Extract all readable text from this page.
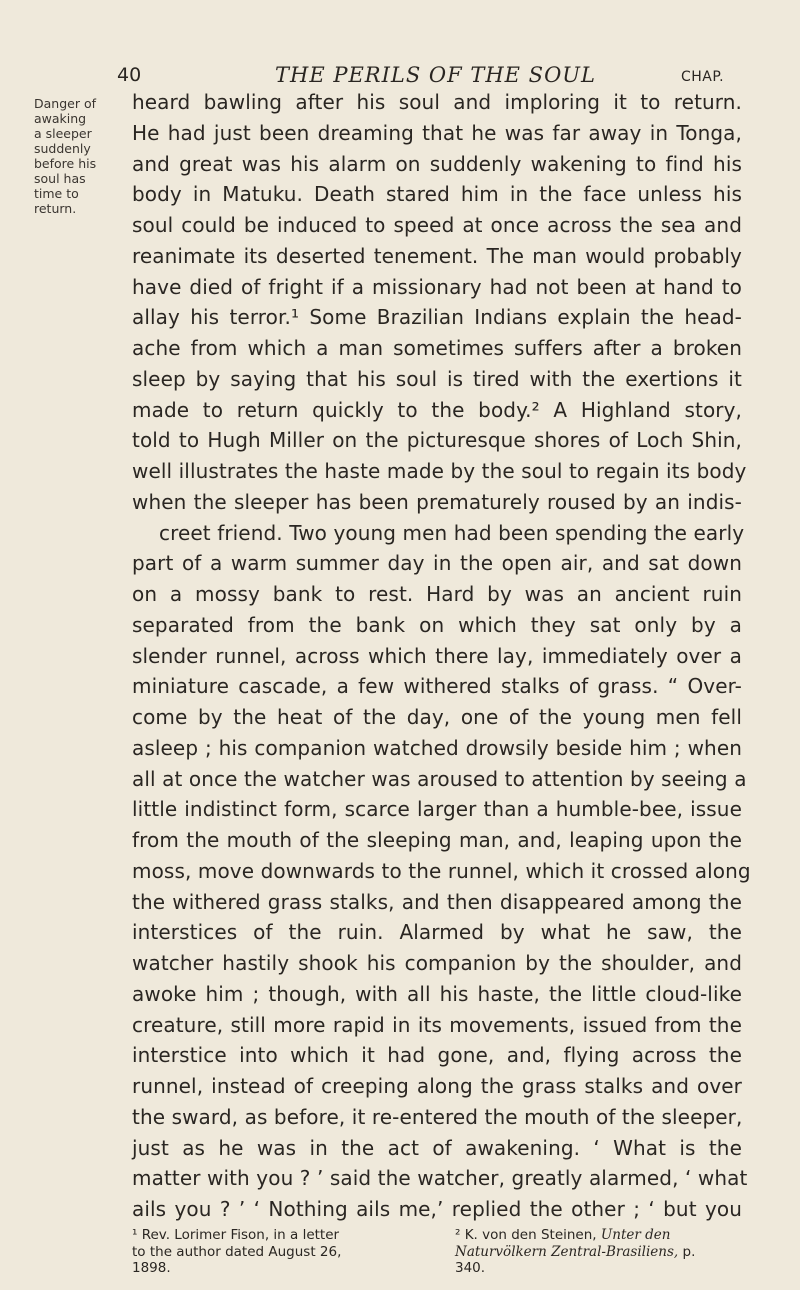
40	THE PERILS OF THE SOUL	CHAP.
Danger of
awaking
a sleeper
suddenly
before his
soul has
time to
return.
heard bawling after his soul and imploring it to return.
He had just been dreaming that he was far away in Tonga,
and great was his alarm on suddenly wakening to find his
body in Matuku. Death stared him in the face unless his
soul could be induced to speed at once across the sea and
reanimate its deserted tenement. The man would probably
have died of fright if a missionary had not been at hand to
allay his terror.¹ Some Brazilian Indians explain the head-
ache from which a man sometimes suffers after a broken
sleep by saying that his soul is tired with the exertions it
made to return quickly to the body.² A Highland story,
told to Hugh Miller on the picturesque shores of Loch Shin,
well illustrates the haste made by the soul to regain its body
when the sleeper has been prematurely roused by an indis-
creet friend. Two young men had been spending the early
part of a warm summer day in the open air, and sat down
on a mossy bank to rest. Hard by was an ancient ruin
separated from the bank on which they sat only by a
slender runnel, across which there lay, immediately over a
miniature cascade, a few withered stalks of grass. “ Over-
come by the heat of the day, one of the young men fell
asleep ; his companion watched drowsily beside him ; when
all at once the watcher was aroused to attention by seeing a
little indistinct form, scarce larger than a humble-bee, issue
from the mouth of the sleeping man, and, leaping upon the
moss, move downwards to the runnel, which it crossed along
the withered grass stalks, and then disappeared among the
interstices of the ruin. Alarmed by what he saw, the
watcher hastily shook his companion by the shoulder, and
awoke him ; though, with all his haste, the little cloud-like
creature, still more rapid in its movements, issued from the
interstice into which it had gone, and, flying across the
runnel, instead of creeping along the grass stalks and over
the sward, as before, it re-entered the mouth of the sleeper,
just as he was in the act of awakening. ‘ What is the
matter with you ? ’ said the watcher, greatly alarmed, ‘ what
ails you ? ’ ‘ Nothing ails me,’ replied the other ; ‘ but you
¹ Rev. Lorimer Fison, in a letter
to the author dated August 26,
1898.
² K. von den Steinen, Unter den
Naturvölkern Zentral-Brasiliens, p.
340.
